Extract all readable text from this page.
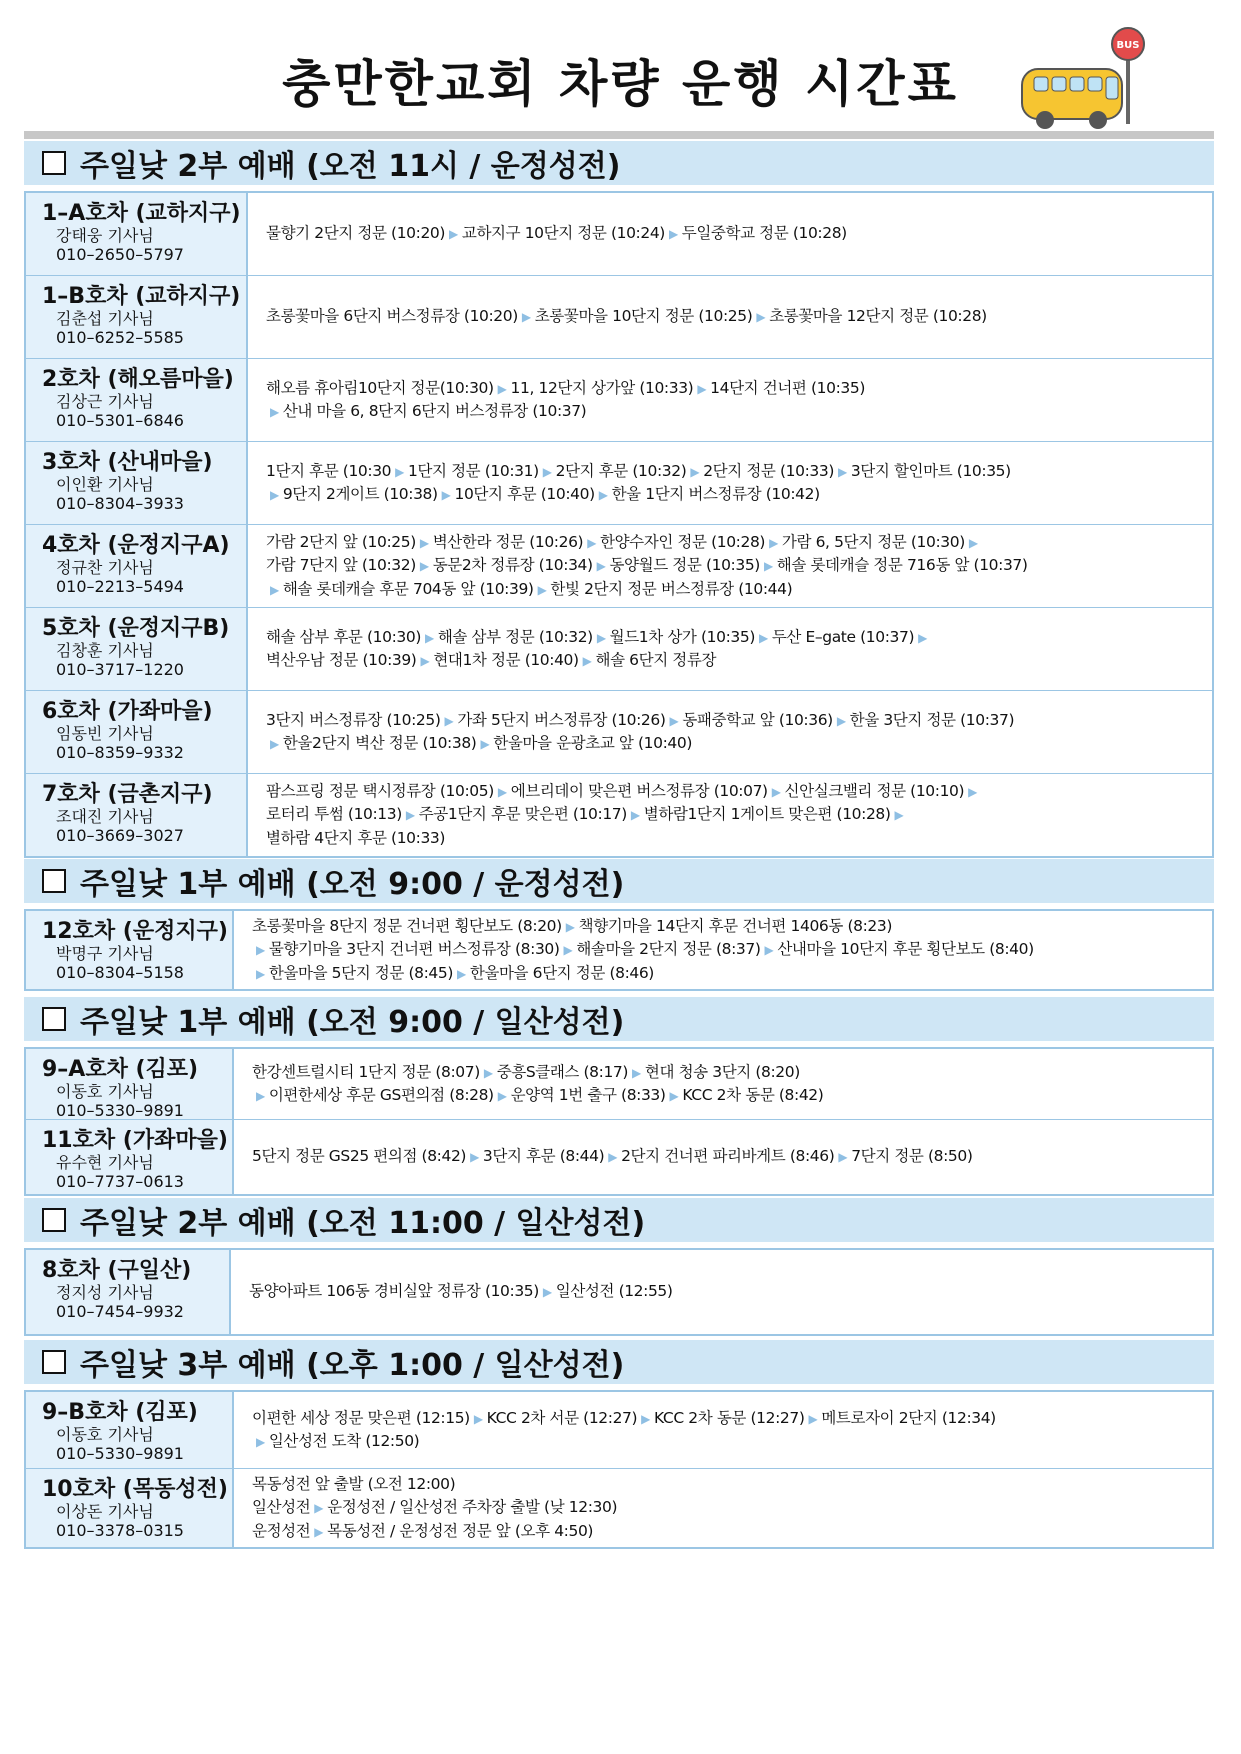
충만한교회 차량 운행 시간표
BUS
주일낮 2부 예배 (오전 11시 / 운정성전)
1–A호차 (교하지구)
강태웅 기사님
010–2650–5797
물향기 2단지 정문 (10:20) ▶ 교하지구 10단지 정문 (10:24) ▶ 두일중학교 정문 (10:28)
1–B호차 (교하지구)
김춘섭 기사님
010–6252–5585
초롱꽃마을 6단지 버스정류장 (10:20) ▶ 초롱꽃마을 10단지 정문 (10:25) ▶ 초롱꽃마을 12단지 정문 (10:28)
2호차 (해오름마을)
김상근 기사님
010–5301–6846
해오름 휴아림10단지 정문(10:30) ▶ 11, 12단지 상가앞 (10:33) ▶ 14단지 건너편 (10:35)
▶ 산내 마을 6, 8단지 6단지 버스정류장 (10:37)
3호차 (산내마을)
이인환 기사님
010–8304–3933
1단지 후문 (10:30 ▶ 1단지 정문 (10:31) ▶ 2단지 후문 (10:32) ▶ 2단지 정문 (10:33) ▶ 3단지 할인마트 (10:35)
▶ 9단지 2게이트 (10:38) ▶ 10단지 후문 (10:40) ▶ 한울 1단지 버스정류장 (10:42)
4호차 (운정지구A)
정규찬 기사님
010–2213–5494
가람 2단지 앞 (10:25) ▶ 벽산한라 정문 (10:26) ▶ 한양수자인 정문 (10:28) ▶ 가람 6, 5단지 정문 (10:30) ▶
가람 7단지 앞 (10:32) ▶ 동문2차 정류장 (10:34) ▶ 동양월드 정문 (10:35) ▶ 해솔 롯데캐슬 정문 716동 앞 (10:37)
▶ 해솔 롯데캐슬 후문 704동 앞 (10:39) ▶ 한빛 2단지 정문 버스정류장 (10:44)
5호차 (운정지구B)
김창훈 기사님
010–3717–1220
해솔 삼부 후문 (10:30) ▶ 해솔 삼부 정문 (10:32) ▶ 월드1차 상가 (10:35) ▶ 두산 E–gate (10:37) ▶
벽산우남 정문 (10:39) ▶ 현대1차 정문 (10:40) ▶ 해솔 6단지 정류장
6호차 (가좌마을)
임동빈 기사님
010–8359–9332
3단지 버스정류장 (10:25) ▶ 가좌 5단지 버스정류장 (10:26) ▶ 동패중학교 앞 (10:36) ▶ 한울 3단지 정문 (10:37)
▶ 한울2단지 벽산 정문 (10:38) ▶ 한울마을 운광초교 앞 (10:40)
7호차 (금촌지구)
조대진 기사님
010–3669–3027
팜스프링 정문 택시정류장 (10:05) ▶ 에브리데이 맞은편 버스정류장 (10:07) ▶ 신안실크밸리 정문 (10:10) ▶
로터리 투썸 (10:13) ▶ 주공1단지 후문 맞은편 (10:17) ▶ 별하람1단지 1게이트 맞은편 (10:28) ▶
별하람 4단지 후문 (10:33)
주일낮 1부 예배 (오전 9:00 / 운정성전)
12호차 (운정지구)
박명구 기사님
010–8304–5158
초롱꽃마을 8단지 정문 건너편 횡단보도 (8:20) ▶ 책향기마을 14단지 후문 건너편 1406동 (8:23)
▶ 물향기마을 3단지 건너편 버스정류장 (8:30) ▶ 해솔마을 2단지 정문 (8:37) ▶ 산내마을 10단지 후문 횡단보도 (8:40)
▶ 한울마을 5단지 정문 (8:45) ▶ 한울마을 6단지 정문 (8:46)
주일낮 1부 예배 (오전 9:00 / 일산성전)
9–A호차 (김포)
이동호 기사님
010–5330–9891
한강센트럴시티 1단지 정문 (8:07) ▶ 중흥S클래스 (8:17) ▶ 현대 청송 3단지 (8:20)
▶ 이편한세상 후문 GS편의점 (8:28) ▶ 운양역 1번 출구 (8:33) ▶ KCC 2차 동문 (8:42)
11호차 (가좌마을)
유수현 기사님
010–7737–0613
5단지 정문 GS25 편의점 (8:42) ▶ 3단지 후문 (8:44) ▶ 2단지 건너편 파리바게트 (8:46) ▶ 7단지 정문 (8:50)
주일낮 2부 예배 (오전 11:00 / 일산성전)
8호차 (구일산)
정지성 기사님
010–7454–9932
동양아파트 106동 경비실앞 정류장 (10:35) ▶ 일산성전 (12:55)
주일낮 3부 예배 (오후 1:00 / 일산성전)
9–B호차 (김포)
이동호 기사님
010–5330–9891
이편한 세상 정문 맞은편 (12:15) ▶ KCC 2차 서문 (12:27) ▶ KCC 2차 동문 (12:27) ▶ 메트로자이 2단지 (12:34)
▶ 일산성전 도착 (12:50)
10호차 (목동성전)
이상돈 기사님
010–3378–0315
목동성전 앞 출발 (오전 12:00)
일산성전 ▶ 운정성전 / 일산성전 주차장 출발 (낮 12:30)
운정성전 ▶ 목동성전 / 운정성전 정문 앞 (오후 4:50)
